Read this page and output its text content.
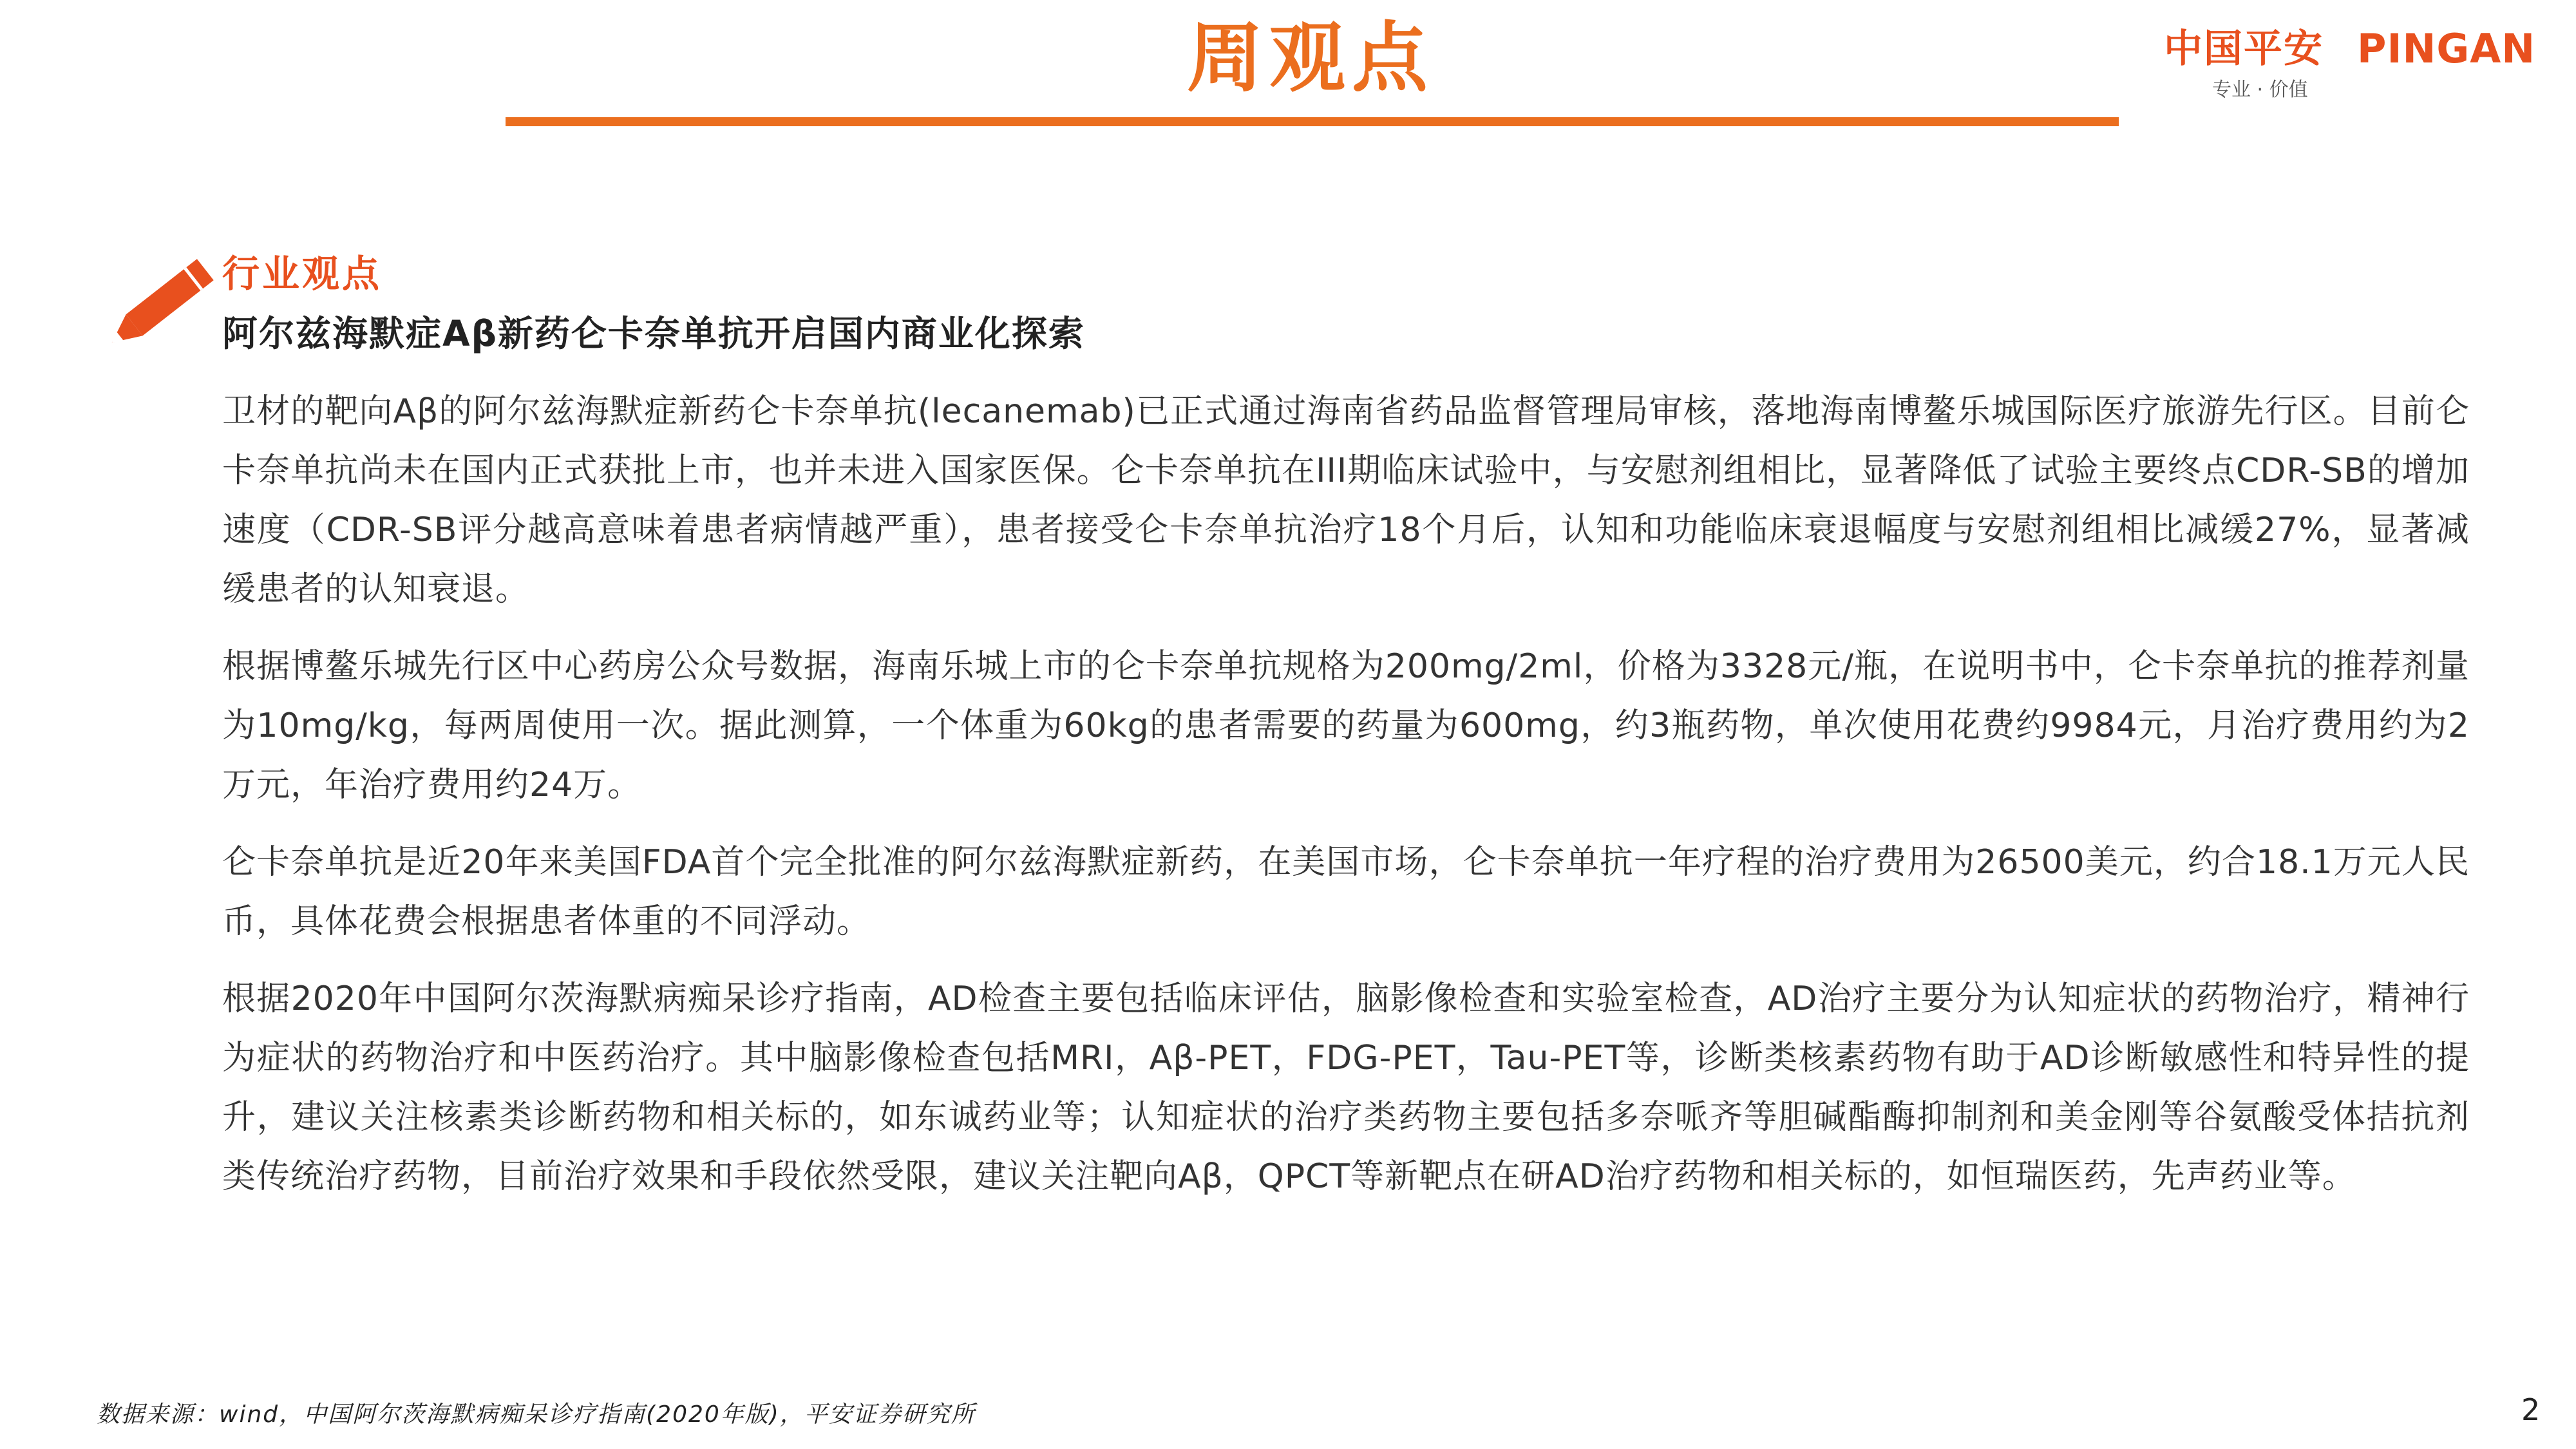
周观点	中国平安 PINGAN
专业 · 价值
行业观点
阿尔兹海默症Aβ新药仑卡奈单抗开启国内商业化探索

卫材的靶向Aβ的阿尔兹海默症新药仑卡奈单抗(lecanemab)已正式通过海南省药品监督管理局审核，落地海南博鳌乐城国际医疗旅游先行区。目前仑卡奈单抗尚未在国内正式获批上市，也并未进入国家医保。仑卡奈单抗在III期临床试验中，与安慰剂组相比，显著降低了试验主要终点CDR-SB的增加速度（CDR-SB评分越高意味着患者病情越严重），患者接受仑卡奈单抗治疗18个月后，认知和功能临床衰退幅度与安慰剂组相比减缓27%，显著减缓患者的认知衰退。

根据博鳌乐城先行区中心药房公众号数据，海南乐城上市的仑卡奈单抗规格为200mg/2ml，价格为3328元/瓶，在说明书中，仑卡奈单抗的推荐剂量为10mg/kg，每两周使用一次。据此测算，一个体重为60kg的患者需要的药量为600mg，约3瓶药物，单次使用花费约9984元，月治疗费用约为2万元，年治疗费用约24万。

仑卡奈单抗是近20年来美国FDA首个完全批准的阿尔兹海默症新药，在美国市场，仑卡奈单抗一年疗程的治疗费用为26500美元，约合18.1万元人民币，具体花费会根据患者体重的不同浮动。

根据2020年中国阿尔茨海默病痴呆诊疗指南，AD检查主要包括临床评估，脑影像检查和实验室检查，AD治疗主要分为认知症状的药物治疗，精神行为症状的药物治疗和中医药治疗。其中脑影像检查包括MRI，Aβ-PET，FDG-PET，Tau-PET等，诊断类核素药物有助于AD诊断敏感性和特异性的提升，建议关注核素类诊断药物和相关标的，如东诚药业等；认知症状的治疗类药物主要包括多奈哌齐等胆碱酯酶抑制剂和美金刚等谷氨酸受体拮抗剂类传统治疗药物，目前治疗效果和手段依然受限，建议关注靶向Aβ，QPCT等新靶点在研AD治疗药物和相关标的，如恒瑞医药，先声药业等。

数据来源：wind，中国阿尔茨海默病痴呆诊疗指南(2020年版)，平安证券研究所	2
